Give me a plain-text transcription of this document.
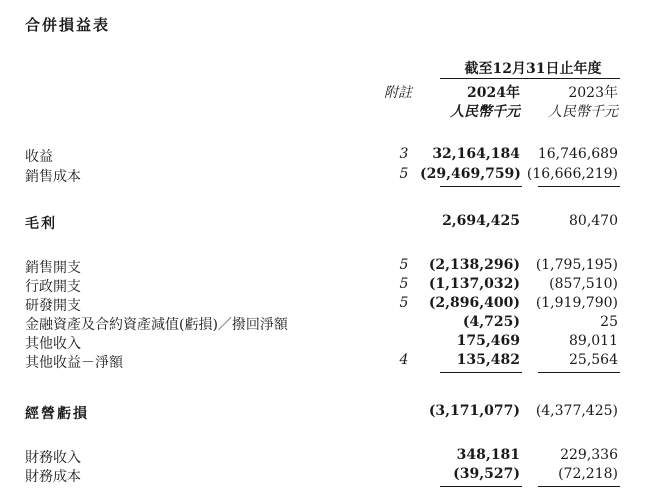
合併損益表
截至12月31日止年度
附註	2024年	2023年
人民幣千元	人民幣千元
收益	3	32,164,184	16,746,689
銷售成本	5 (29,469,759) (16,666,219)
毛利	2,694,425	80,470
銷售開支	5	(2,138,296)	(1,795,195)
行政開支	5	(1,137,032)	(857,510)
研發開支	5	(2,896,400)	(1,919,790)
金融資產及合約資產減值(虧損)／撥回淨額	(4,725)	25
其他收入	175,469	89,011
其他收益－淨額	4	135,482	25,564
經營虧損	(3,171,077)	(4,377,425)
財務收入	348,181	229,336
財務成本	(39,527)	(72,218)
